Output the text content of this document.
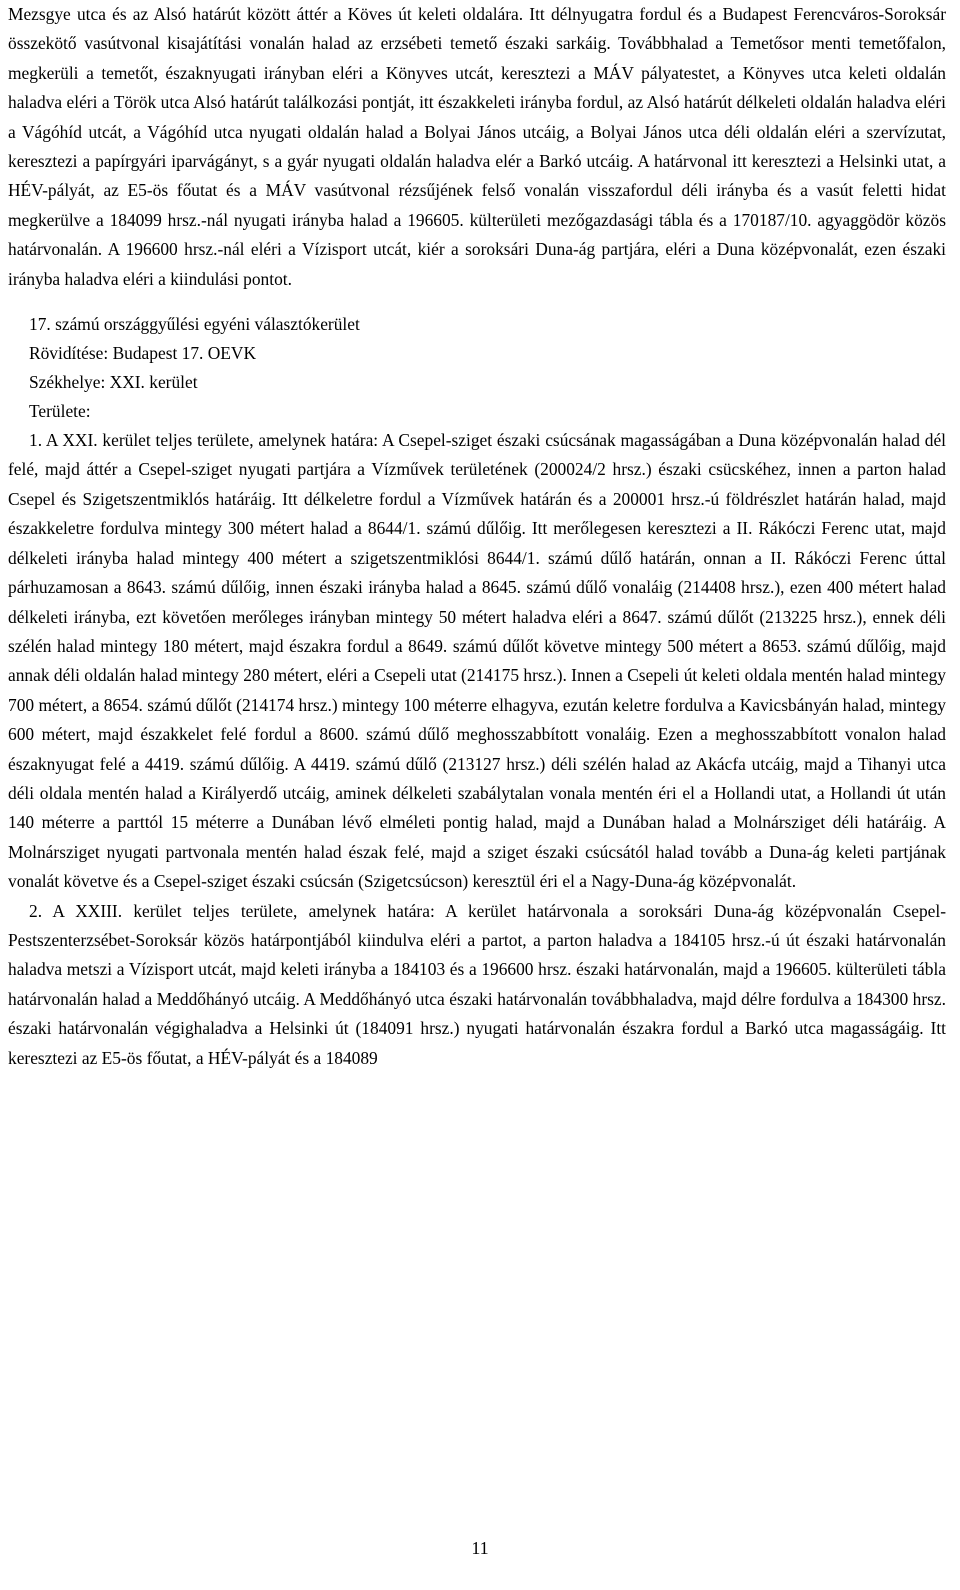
Mezsgye utca és az Alsó határút között áttér a Köves út keleti oldalára. Itt délnyugatra fordul és a Budapest Ferencváros-Soroksár összekötő vasútvonal kisajátítási vonalán halad az erzsébeti temető északi sarkáig. Továbbhalad a Temetősor menti temetőfalon, megkerüli a temetőt, északnyugati irányban eléri a Könyves utcát, keresztezi a MÁV pályatestet, a Könyves utca keleti oldalán haladva eléri a Török utca Alsó határút találkozási pontját, itt északkeleti irányba fordul, az Alsó határút délkeleti oldalán haladva eléri a Vágóhíd utcát, a Vágóhíd utca nyugati oldalán halad a Bolyai János utcáig, a Bolyai János utca déli oldalán eléri a szervízutat, keresztezi a papírgyári iparvágányt, s a gyár nyugati oldalán haladva elér a Barkó utcáig. A határvonal itt keresztezi a Helsinki utat, a HÉV-pályát, az E5-ös főutat és a MÁV vasútvonal rézsűjének felső vonalán visszafordul déli irányba és a vasút feletti hidat megkerülve a 184099 hrsz.-nál nyugati irányba halad a 196605. külterületi mezőgazdasági tábla és a 170187/10. agyaggödör közös határvonalán. A 196600 hrsz.-nál eléri a Vízisport utcát, kiér a soroksári Duna-ág partjára, eléri a Duna középvonalát, ezen északi irányba haladva eléri a kiindulási pontot.

17. számú országgyűlési egyéni választókerület

Rövidítése: Budapest 17. OEVK

Székhelye: XXI. kerület

Területe:

1. A XXI. kerület teljes területe, amelynek határa: A Csepel-sziget északi csúcsának magasságában a Duna középvonalán halad dél felé, majd áttér a Csepel-sziget nyugati partjára a Vízművek területének (200024/2 hrsz.) északi csücskéhez, innen a parton halad Csepel és Szigetszentmiklós határáig. Itt délkeletre fordul a Vízművek határán és a 200001 hrsz.-ú földrészlet határán halad, majd északkeletre fordulva mintegy 300 métert halad a 8644/1. számú dűlőig. Itt merőlegesen keresztezi a II. Rákóczi Ferenc utat, majd délkeleti irányba halad mintegy 400 métert a szigetszentmiklósi 8644/1. számú dűlő határán, onnan a II. Rákóczi Ferenc úttal párhuzamosan a 8643. számú dűlőig, innen északi irányba halad a 8645. számú dűlő vonaláig (214408 hrsz.), ezen 400 métert halad délkeleti irányba, ezt követően merőleges irányban mintegy 50 métert haladva eléri a 8647. számú dűlőt (213225 hrsz.), ennek déli szélén halad mintegy 180 métert, majd északra fordul a 8649. számú dűlőt követve mintegy 500 métert a 8653. számú dűlőig, majd annak déli oldalán halad mintegy 280 métert, eléri a Csepeli utat (214175 hrsz.). Innen a Csepeli út keleti oldala mentén halad mintegy 700 métert, a 8654. számú dűlőt (214174 hrsz.) mintegy 100 méterre elhagyva, ezután keletre fordulva a Kavicsbányán halad, mintegy 600 métert, majd északkelet felé fordul a 8600. számú dűlő meghosszabbított vonaláig. Ezen a meghosszabbított vonalon halad északnyugat felé a 4419. számú dűlőig. A 4419. számú dűlő (213127 hrsz.) déli szélén halad az Akácfa utcáig, majd a Tihanyi utca déli oldala mentén halad a Királyerdő utcáig, aminek délkeleti szabálytalan vonala mentén éri el a Hollandi utat, a Hollandi út után 140 méterre a parttól 15 méterre a Dunában lévő elméleti pontig halad, majd a Dunában halad a Molnársziget déli határáig. A Molnársziget nyugati partvonala mentén halad észak felé, majd a sziget északi csúcsától halad tovább a Duna-ág keleti partjának vonalát követve és a Csepel-sziget északi csúcsán (Szigetcsúcson) keresztül éri el a Nagy-Duna-ág középvonalát.

2. A XXIII. kerület teljes területe, amelynek határa: A kerület határvonala a soroksári Duna-ág középvonalán Csepel-Pestszenterzsébet-Soroksár közös határpontjából kiindulva eléri a partot, a parton haladva a 184105 hrsz.-ú út északi határvonalán haladva metszi a Vízisport utcát, majd keleti irányba a 184103 és a 196600 hrsz. északi határvonalán, majd a 196605. külterületi tábla határvonalán halad a Meddőhányó utcáig. A Meddőhányó utca északi határvonalán továbbhaladva, majd délre fordulva a 184300 hrsz. északi határvonalán végighaladva a Helsinki út (184091 hrsz.) nyugati határvonalán északra fordul a Barkó utca magasságáig. Itt keresztezi az E5-ös főutat, a HÉV-pályát és a 184089

11
